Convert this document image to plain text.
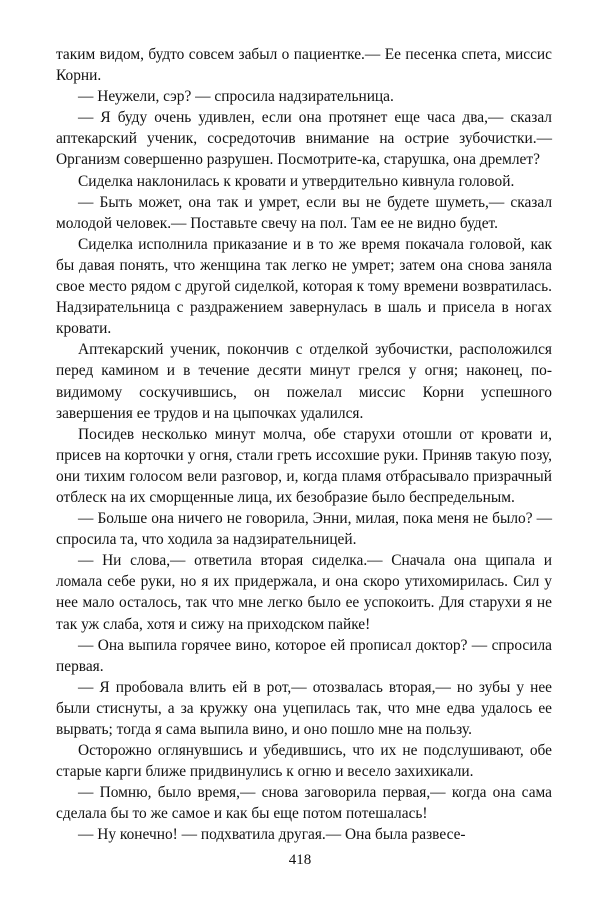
таким видом, будто совсем забыл о пациентке.— Ее песенка спета, миссис Корни.

— Неужели, сэр? — спросила надзирательница.

— Я буду очень удивлен, если она протянет еще часа два,— сказал аптекарский ученик, сосредоточив внимание на острие зубочистки.— Организм совершенно разрушен. Посмотрите-ка, старушка, она дремлет?

Сиделка наклонилась к кровати и утвердительно кивнула головой.

— Быть может, она так и умрет, если вы не будете шуметь,— сказал молодой человек.— Поставьте свечу на пол. Там ее не видно будет.

Сиделка исполнила приказание и в то же время покачала головой, как бы давая понять, что женщина так легко не умрет; затем она снова заняла свое место рядом с другой сиделкой, которая к тому времени возвратилась. Надзирательница с раздражением завернулась в шаль и присела в ногах кровати.

Аптекарский ученик, покончив с отделкой зубочистки, расположился перед камином и в течение десяти минут грелся у огня; наконец, по-видимому соскучившись, он пожелал миссис Корни успешного завершения ее трудов и на цыпочках удалился.

Посидев несколько минут молча, обе старухи отошли от кровати и, присев на корточки у огня, стали греть иссохшие руки. Приняв такую позу, они тихим голосом вели разговор, и, когда пламя отбрасывало призрачный отблеск на их сморщенные лица, их безобразие было беспредельным.

— Больше она ничего не говорила, Энни, милая, пока меня не было? — спросила та, что ходила за надзирательницей.

— Ни слова,— ответила вторая сиделка.— Сначала она щипала и ломала себе руки, но я их придержала, и она скоро утихомирилась. Сил у нее мало осталось, так что мне легко было ее успокоить. Для старухи я не так уж слаба, хотя и сижу на приходском пайке!

— Она выпила горячее вино, которое ей прописал доктор? — спросила первая.

— Я пробовала влить ей в рот,— отозвалась вторая,— но зубы у нее были стиснуты, а за кружку она уцепилась так, что мне едва удалось ее вырвать; тогда я сама выпила вино, и оно пошло мне на пользу.

Осторожно оглянувшись и убедившись, что их не подслушивают, обе старые карги ближе придвинулись к огню и весело захихикали.

— Помню, было время,— снова заговорила первая,— когда она сама сделала бы то же самое и как бы еще потом потешалась!

— Ну конечно! — подхватила другая.— Она была развесе-

418
